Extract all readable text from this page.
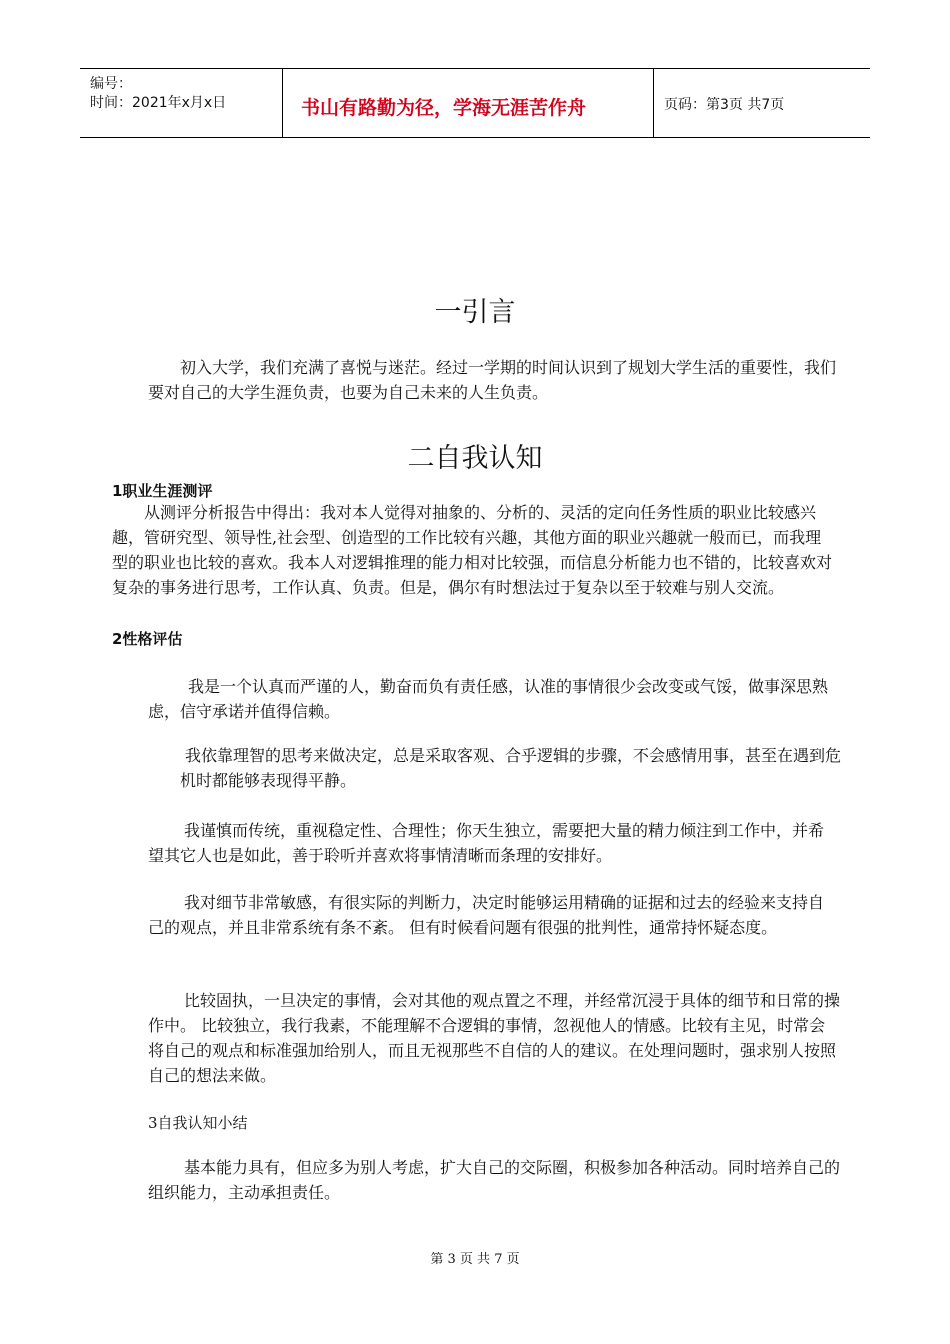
编号：
时间：2021年x月x日	书山有路勤为径，学海无涯苦作舟	页码：第3页 共7页
一引言

初入大学，我们充满了喜悦与迷茫。经过一学期的时间认识到了规划大学生活的重要性，我们要对自己的大学生涯负责，也要为自己未来的人生负责。

二自我认知
1职业生涯测评

从测评分析报告中得出：我对本人觉得对抽象的、分析的、灵活的定向任务性质的职业比较感兴趣，管研究型、领导性,社会型、创造型的工作比较有兴趣，其他方面的职业兴趣就一般而已，而我理型的职业也比较的喜欢。我本人对逻辑推理的能力相对比较强，而信息分析能力也不错的，比较喜欢对复杂的事务进行思考，工作认真、负责。但是，偶尔有时想法过于复杂以至于较难与别人交流。

2性格评估

我是一个认真而严谨的人，勤奋而负有责任感，认准的事情很少会改变或气馁，做事深思熟虑，信守承诺并值得信赖。

我依靠理智的思考来做决定，总是采取客观、合乎逻辑的步骤，不会感情用事，甚至在遇到危机时都能够表现得平静。

我谨慎而传统，重视稳定性、合理性；你天生独立，需要把大量的精力倾注到工作中，并希望其它人也是如此，善于聆听并喜欢将事情清晰而条理的安排好。

我对细节非常敏感，有很实际的判断力，决定时能够运用精确的证据和过去的经验来支持自己的观点，并且非常系统有条不紊。 但有时候看问题有很强的批判性，通常持怀疑态度。

比较固执，一旦决定的事情，会对其他的观点置之不理，并经常沉浸于具体的细节和日常的操作中。 比较独立，我行我素，不能理解不合逻辑的事情，忽视他人的情感。比较有主见，时常会将自己的观点和标准强加给别人，而且无视那些不自信的人的建议。在处理问题时，强求别人按照自己的想法来做。

3自我认知小结

基本能力具有，但应多为别人考虑，扩大自己的交际圈，积极参加各种活动。同时培养自己的组织能力，主动承担责任。

第 3 页 共 7 页
